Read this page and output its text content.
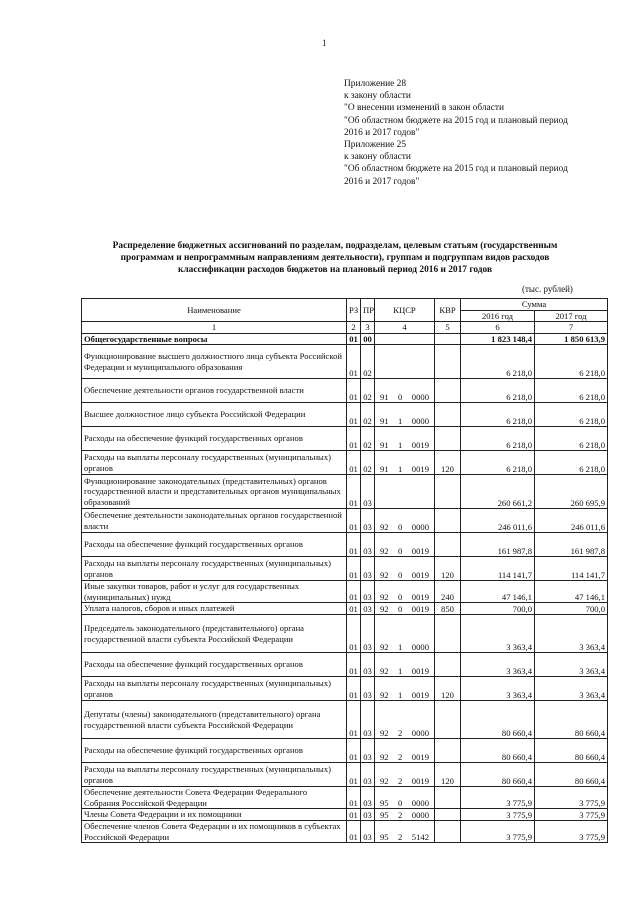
1
Приложение 28
к закону области
"О внесении изменений в закон области
"Об областном бюджете на 2015 год и плановый период
2016 и 2017 годов"
Приложение 25
к закону области
"Об областном бюджете на 2015 год и плановый период
2016 и 2017 годов"
Распределение бюджетных ассигнований по разделам, подразделам, целевым статьям (государственным программам и непрограммным направлениям деятельности), группам и подгруппам видов расходов классификации расходов бюджетов на плановый период 2016 и 2017 годов
(тыс. рублей)
Наименование	РЗ	ПР	КЦСР	КВР	Сумма	
					2016 год	2017 год
1	2	3	4	5	6	7
Общегосударственные вопросы	01	00			1 823 148,4	1 850 613,9
Функционирование высшего должностного лица субъекта Российской Федерации и муниципального образования	01	02			6 218,0	6 218,0
Обеспечение деятельности органов государственной власти	01	02	91 0 0000		6 218,0	6 218,0
Высшее должностное лицо субъекта Российской Федерации	01	02	91 1 0000		6 218,0	6 218,0
Расходы на обеспечение функций государственных органов	01	02	91 1 0019		6 218,0	6 218,0
Расходы на выплаты персоналу государственных (муниципальных) органов	01	02	91 1 0019	120	6 218,0	6 218,0
Функционирование законодательных (представительных) органов государственной власти и представительных органов муниципальных образований	01	03			260 661,2	260 695,9
Обеспечение деятельности законодательных органов государственной власти	01	03	92 0 0000		246 011,6	246 011,6
Расходы на обеспечение функций государственных органов	01	03	92 0 0019		161 987,8	161 987,8
Расходы на выплаты персоналу государственных (муниципальных) органов	01	03	92 0 0019	120	114 141,7	114 141,7
Иные закупки товаров, работ и услуг для государственных (муниципальных) нужд	01	03	92 0 0019	240	47 146,1	47 146,1
Уплата налогов, сборов и иных платежей	01	03	92 0 0019	850	700,0	700,0
Председатель законодательного (представительного) органа государственной власти субъекта Российской Федерации	01	03	92 1 0000		3 363,4	3 363,4
Расходы на обеспечение функций государственных органов	01	03	92 1 0019		3 363,4	3 363,4
Расходы на выплаты персоналу государственных (муниципальных) органов	01	03	92 1 0019	120	3 363,4	3 363,4
Депутаты (члены) законодательного (представительного) органа государственной власти субъекта Российской Федерации	01	03	92 2 0000		80 660,4	80 660,4
Расходы на обеспечение функций государственных органов	01	03	92 2 0019		80 660,4	80 660,4
Расходы на выплаты персоналу государственных (муниципальных) органов	01	03	92 2 0019	120	80 660,4	80 660,4
Обеспечение деятельности Совета Федерации Федерального Собрания Российской Федерации	01	03	95 0 0000		3 775,9	3 775,9
Члены Совета Федерации и их помощники	01	03	95 2 0000		3 775,9	3 775,9
Обеспечение членов Совета Федерации и их помощников в субъектах Российской Федерации	01	03	95 2 5142		3 775,9	3 775,9
